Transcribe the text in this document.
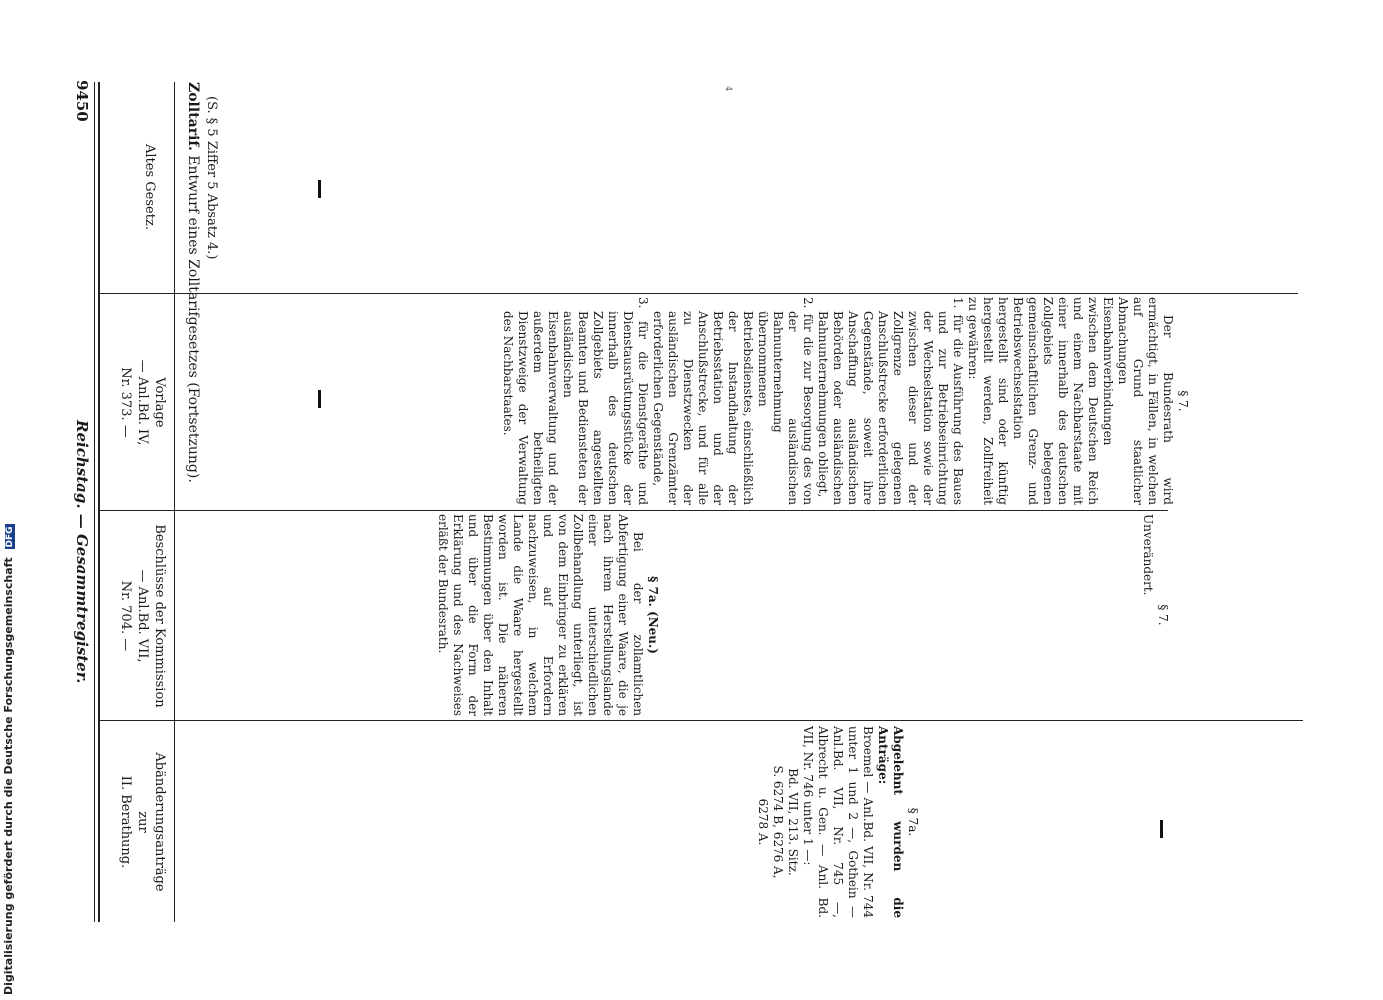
9450
Reichstag. — Gesammtregister.
Altes Gesetz.
Vorlage
— Anl.Bd. IV,
Nr. 373. —
Beschlüsse der Kommission
— Anl.Bd. VII,
Nr. 704. —
Abänderungsanträge
zur
II. Berathung.
Zolltarif. Entwurf eines Zolltarifgesetzes (Fortsetzung). (S. § 5 Ziffer 5 Absatz 4.)
4
§ 7.

Der Bundesrath wird ermächtigt, in Fällen, in welchen auf Grund staatlicher Abmachungen Eisenbahnverbindungen zwischen dem Deutschen Reich und einem Nachbarstaate mit einer innerhalb des deutschen Zollgebiets belegenen gemeinschaftlichen Grenz- und Betriebswechselstation hergestellt sind oder künftig hergestellt werden, Zollfreiheit zu gewähren:

1. für die Ausführung des Baues und zur Betriebseinrichtung der Wechselstation sowie der zwischen dieser und der Zollgrenze gelegenen Anschlußstrecke erforderlichen Gegenstände, soweit ihre Anschaffung ausländischen Behörden oder ausländischen Bahnunternehmungen obliegt,

2. für die zur Besorgung des von der ausländischen Bahnunternehmung übernommenen Betriebsdienstes, einschließlich der Instandhaltung der Betriebsstation und der Anschlußstrecke, und für alle zu Dienstzwecken der ausländischen Grenzämter erforderlichen Gegenstände,

3. für die Dienstgeräthe und Dienstausrüstungsstücke der innerhalb des deutschen Zollgebiets angestellten Beamten und Bediensteten der ausländischen Eisenbahnverwaltung und der außerdem betheiligten Dienstzweige der Verwaltung des Nachbarstaates.

§ 7.
Unverändert.
§ 7a. (Neu.)

Bei der zollamtlichen Abfertigung einer Waare, die je nach ihrem Herstellungslande einer unterschiedlichen Zollbehandlung unterliegt, ist von dem Einbringer zu erklären und auf Erfordern nachzuweisen, in welchem Lande die Waare hergestellt worden ist. Die näheren Bestimmungen über den Inhalt und über die Form der Erklärung und des Nachweises erläßt der Bundesrath.

§ 7a.
Abgelehnt wurden die Anträge:

Broemel — Anl.Bd. VII, Nr. 744 unter 1 und 2 —, Gothein — Anl.Bd. VII, Nr. 745 —, Albrecht u. Gen. — Anl. Bd. VII, Nr. 746 unter 1 —:

Bd. VII, 213. Sitz.
S. 6274 B, 6276 A,
6278 A.
Digitalisierung gefördert durch die Deutsche Forschungsgemeinschaft DFG
